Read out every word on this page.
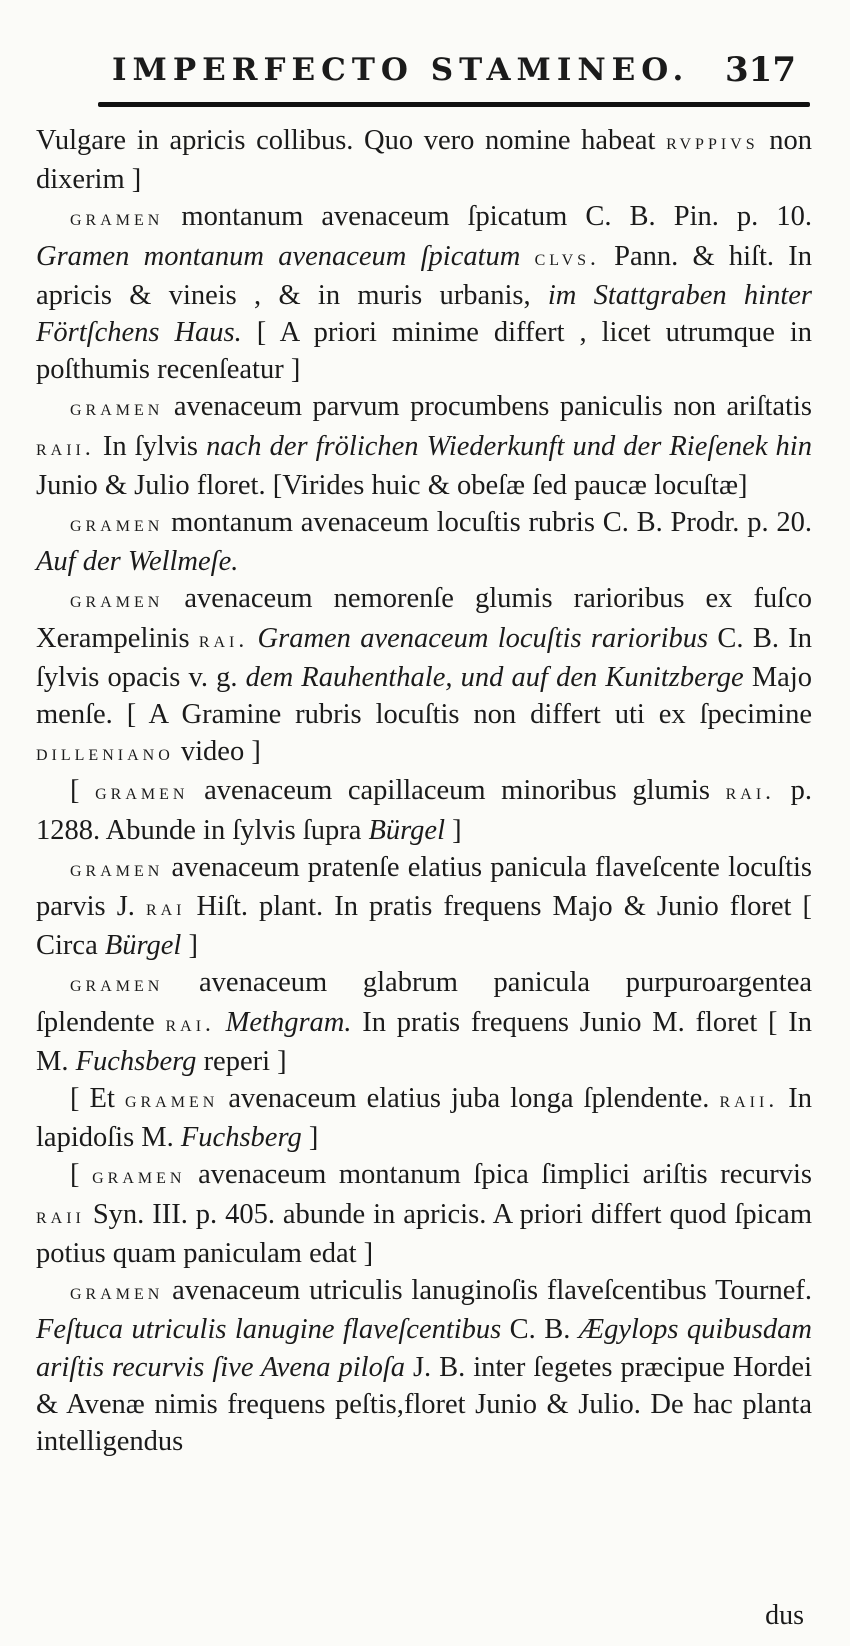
IMPERFECTO STAMINEO. 317

Vulgare in apricis collibus. Quo vero nomine habeat rvppivs non dixerim ]

gramen montanum avenaceum ſpicatum C. B. Pin. p. 10. Gramen montanum avenaceum ſpicatum clvs. Pann. & hiſt. In apricis & vineis , & in muris urbanis, im Stattgraben hinter Förtſchens Haus. [ A priori minime differt , licet utrumque in poſthumis recenſeatur ]

gramen avenaceum parvum procumbens paniculis non ariſtatis raii. In ſylvis nach der frölichen Wiederkunft und der Rieſenek hin Junio & Julio floret. [Virides huic & obeſæ ſed paucæ locuſtæ]

gramen montanum avenaceum locuſtis rubris C. B. Prodr. p. 20. Auf der Wellmeſe.

gramen avenaceum nemorenſe glumis rarioribus ex fuſco Xerampelinis rai. Gramen avenaceum locuſtis rarioribus C. B. In ſylvis opacis v. g. dem Rauhenthale, und auf den Kunitzberge Majo menſe. [ A Gramine rubris locuſtis non differt uti ex ſpecimine dilleniano video ]

[ gramen avenaceum capillaceum minoribus glumis rai. p. 1288. Abunde in ſylvis ſupra Bürgel ]

gramen avenaceum pratenſe elatius panicula flaveſcente locuſtis parvis J. rai Hiſt. plant. In pratis frequens Majo & Junio floret [ Circa Bürgel ]

gramen avenaceum glabrum panicula purpuroargentea ſplendente rai. Methgram. In pratis frequens Junio M. floret [ In M. Fuchsberg reperi ]

[ Et gramen avenaceum elatius juba longa ſplendente. raii. In lapidoſis M. Fuchsberg ]

[ gramen avenaceum montanum ſpica ſimplici ariſtis recurvis raii Syn. III. p. 405. abunde in apricis. A priori differt quod ſpicam potius quam paniculam edat ]

gramen avenaceum utriculis lanuginoſis flaveſcentibus Tournef. Feſtuca utriculis lanugine flaveſcentibus C. B. Ægylops quibusdam ariſtis recurvis ſive Avena piloſa J. B. inter ſegetes præcipue Hordei & Avenæ nimis frequens peſtis,floret Junio & Julio. De hac planta intelligendus

dus
